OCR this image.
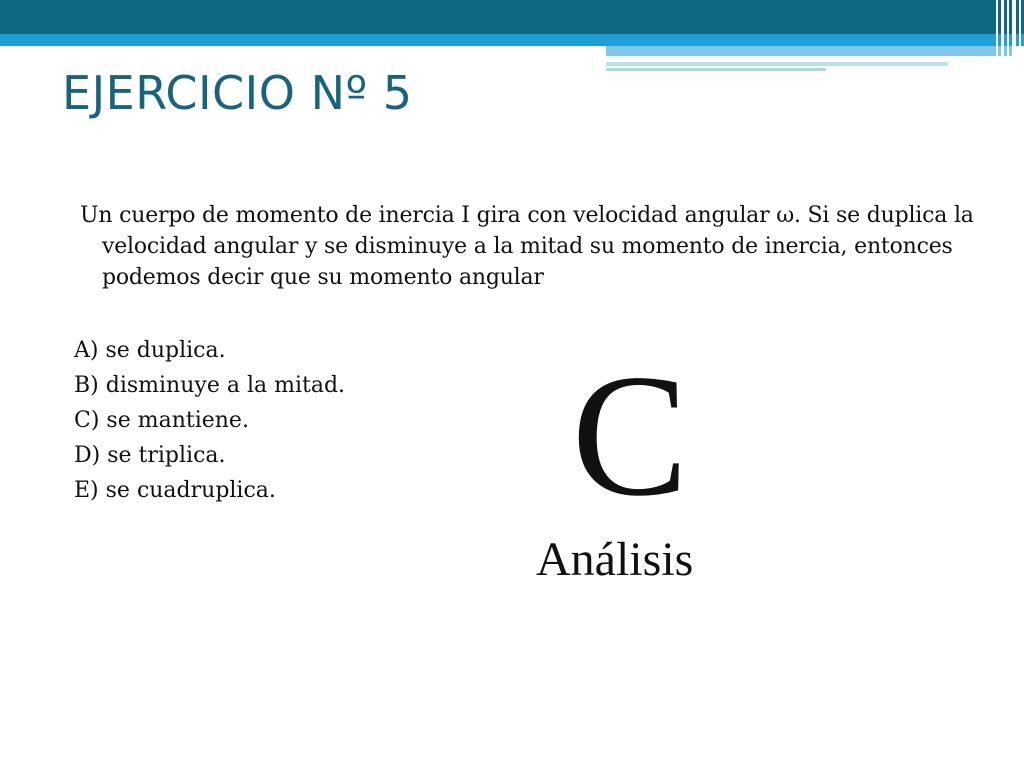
EJERCICIO Nº 5

Un cuerpo de momento de inercia I gira con velocidad angular ω. Si se duplica la velocidad angular y se disminuye a la mitad su momento de inercia, entonces podemos decir que su momento angular

A) se duplica.
B) disminuye a la mitad.
C) se mantiene.
D) se triplica.
E) se cuadruplica.	C
Análisis
